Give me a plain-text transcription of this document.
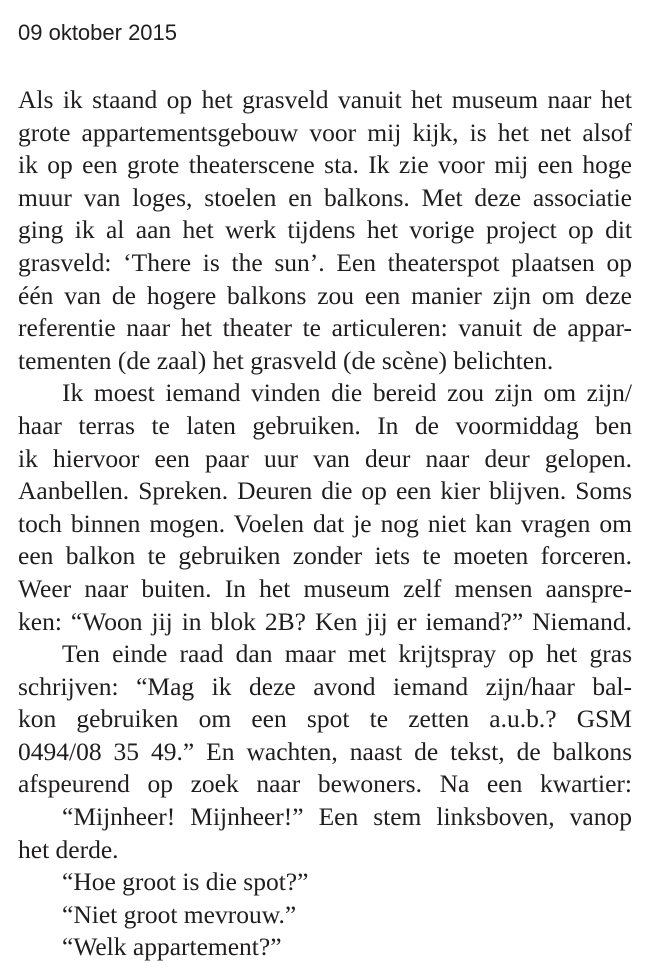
09 oktober 2015
Als ik staand op het grasveld vanuit het museum naar het
grote appartementsgebouw voor mij kijk, is het net alsof
ik op een grote theaterscene sta. Ik zie voor mij een hoge
muur van loges, stoelen en balkons. Met deze associatie
ging ik al aan het werk tijdens het vorige project op dit
grasveld: ‘There is the sun’. Een theaterspot plaatsen op
één van de hogere balkons zou een manier zijn om deze
referentie naar het theater te articuleren: vanuit de appar-
tementen (de zaal) het grasveld (de scène) belichten.
Ik moest iemand vinden die bereid zou zijn om zijn/
haar terras te laten gebruiken. In de voormiddag ben
ik hiervoor een paar uur van deur naar deur gelopen.
Aanbellen. Spreken. Deuren die op een kier blijven. Soms
toch binnen mogen. Voelen dat je nog niet kan vragen om
een balkon te gebruiken zonder iets te moeten forceren.
Weer naar buiten. In het museum zelf mensen aanspre-
ken: “Woon jij in blok 2B? Ken jij er iemand?” Niemand.
Ten einde raad dan maar met krijtspray op het gras
schrijven: “Mag ik deze avond iemand zijn/haar bal-
kon gebruiken om een spot te zetten a.u.b.? GSM
0494/08 35 49.” En wachten, naast de tekst, de balkons
afspeurend op zoek naar bewoners. Na een kwartier:
“Mijnheer! Mijnheer!” Een stem linksboven, vanop
het derde.
“Hoe groot is die spot?”
“Niet groot mevrouw.”
“Welk appartement?”
